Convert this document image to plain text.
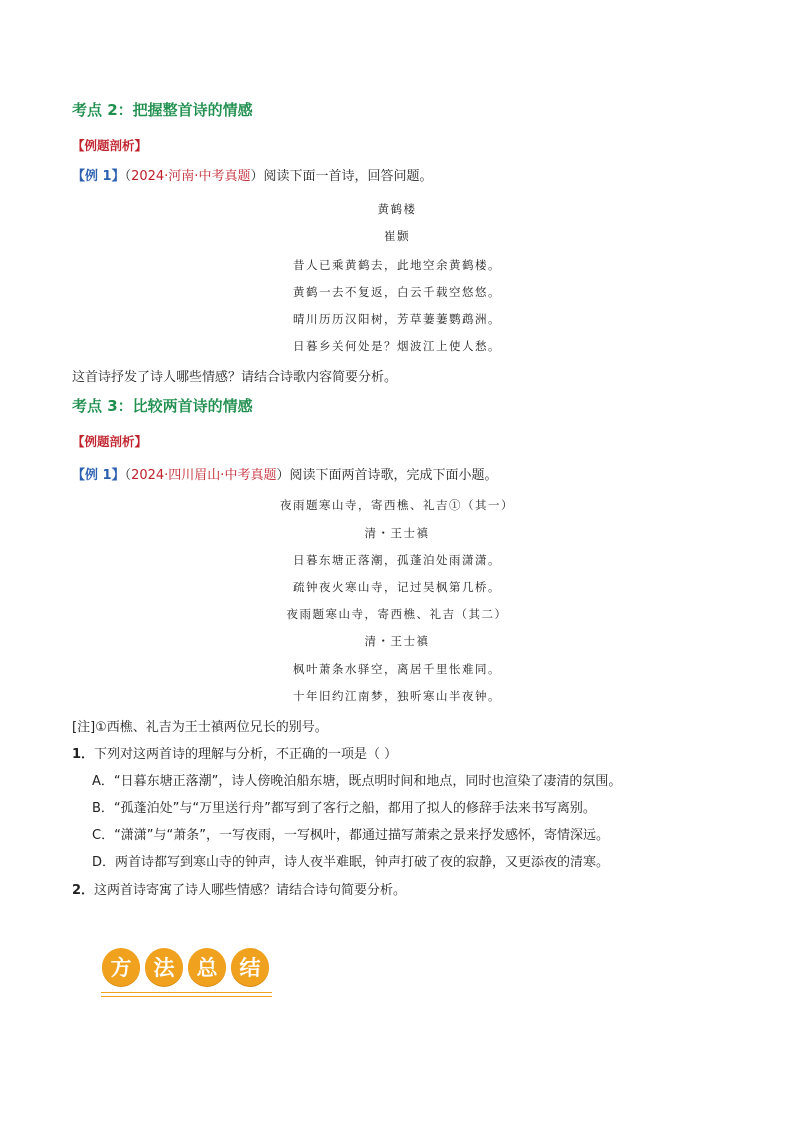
考点 2：把握整首诗的情感
【例题剖析】
【例 1】（2024·河南·中考真题）阅读下面一首诗，回答问题。
黄鹤楼
崔颢
昔人已乘黄鹤去，此地空余黄鹤楼。
黄鹤一去不复返，白云千载空悠悠。
晴川历历汉阳树，芳草萋萋鹦鹉洲。
日暮乡关何处是？烟波江上使人愁。
这首诗抒发了诗人哪些情感？请结合诗歌内容简要分析。
考点 3：比较两首诗的情感
【例题剖析】
【例 1】（2024·四川眉山·中考真题）阅读下面两首诗歌，完成下面小题。
夜雨题寒山寺，寄西樵、礼吉①（其一）
清・王士禛
日暮东塘正落潮，孤蓬泊处雨潇潇。
疏钟夜火寒山寺，记过吴枫第几桥。
夜雨题寒山寺，寄西樵、礼吉（其二）
清・王士禛
枫叶萧条水驿空，离居千里怅难同。
十年旧约江南梦，独听寒山半夜钟。
[注]①西樵、礼吉为王士禛两位兄长的别号。
1．下列对这两首诗的理解与分析，不正确的一项是（ ）
A．“日暮东塘正落潮”，诗人傍晚泊船东塘，既点明时间和地点，同时也渲染了凄清的氛围。
B．“孤蓬泊处”与“万里送行舟”都写到了客行之船，都用了拟人的修辞手法来书写离别。
C．“潇潇”与“萧条”，一写夜雨，一写枫叶，都通过描写萧索之景来抒发感怀，寄情深远。
D．两首诗都写到寒山寺的钟声，诗人夜半难眠，钟声打破了夜的寂静，又更添夜的清寒。
2．这两首诗寄寓了诗人哪些情感？请结合诗句简要分析。
方	法	总	结
